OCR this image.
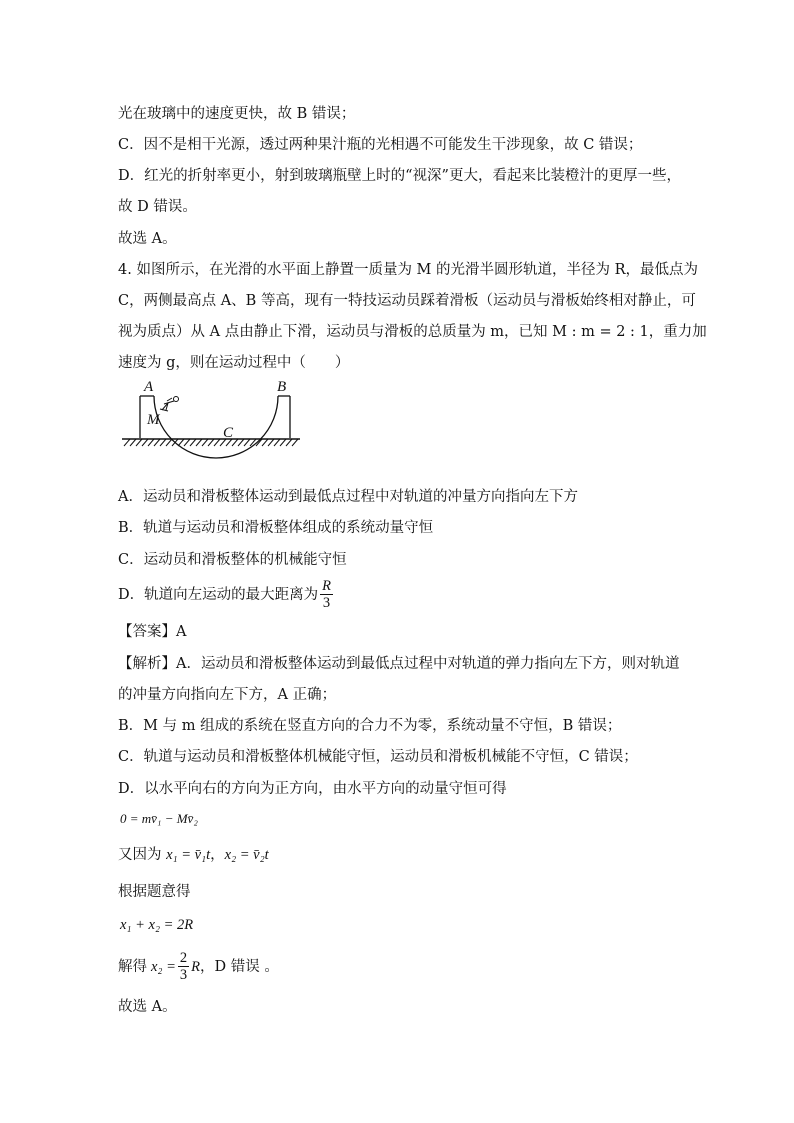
光在玻璃中的速度更快，故 B 错误；
C．因不是相干光源，透过两种果汁瓶的光相遇不可能发生干涉现象，故 C 错误；
D．红光的折射率更小，射到玻璃瓶壁上时的“视深”更大，看起来比装橙汁的更厚一些，
故 D 错误。
故选 A。
4. 如图所示，在光滑的水平面上静置一质量为 M 的光滑半圆形轨道，半径为 R，最低点为
C，两侧最高点 A、B 等高，现有一特技运动员踩着滑板（运动员与滑板始终相对静止，可
视为质点）从 A 点由静止下滑，运动员与滑板的总质量为 m，已知 M : m = 2 : 1，重力加
速度为 g，则在运动过程中（　　）
A	B
M
C
A．运动员和滑板整体运动到最低点过程中对轨道的冲量方向指向左下方
B．轨道与运动员和滑板整体组成的系统动量守恒
C．运动员和滑板整体的机械能守恒
D．轨道向左运动的最大距离为 $\frac{R}{3}$
【答案】A
【解析】A．运动员和滑板整体运动到最低点过程中对轨道的弹力指向左下方，则对轨道
的冲量方向指向左下方，A 正确；
B．M 与 m 组成的系统在竖直方向的合力不为零，系统动量不守恒，B 错误；
C．轨道与运动员和滑板整体机械能守恒，运动员和滑板机械能不守恒，C 错误；
D．以水平向右的方向为正方向，由水平方向的动量守恒可得
0 = mv̄₁ − Mv̄₂
又因为 x₁ = v̄₁t，x₂ = v̄₂t
根据题意得
x₁ + x₂ = 2R
解得 $x_2 = \frac{2}{3}$ R ，D 错误 。
故选 A。
